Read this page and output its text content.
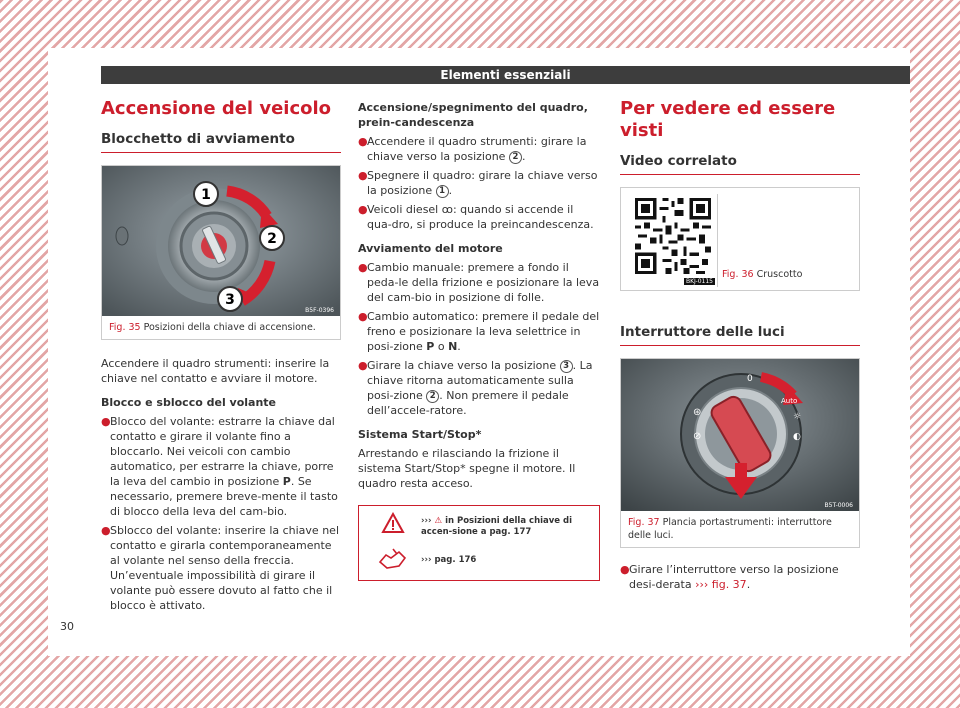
Elementi essenziali
Accensione del veicolo
Blocchetto di avviamento
1
2
3
B5F-0396
Fig. 35 Posizioni della chiave di accensione.

Accendere il quadro strumenti: inserire la chiave nel contatto e avviare il motore.

Blocco e sblocco del volante
● Blocco del volante: estrarre la chiave dal contatto e girare il volante fino a bloccarlo. Nei veicoli con cambio automatico, per estrarre la chiave, porre la leva del cambio in posizione P. Se necessario, premere breve-mente il tasto di blocco della leva del cam-bio.
● Sblocco del volante: inserire la chiave nel contatto e girarla contemporaneamente al volante nel senso della freccia. Un’eventuale impossibilità di girare il volante può essere dovuto al fatto che il blocco è attivato.
Accensione/spegnimento del quadro, prein-candescenza
● Accendere il quadro strumenti: girare la chiave verso la posizione 2 .
● Spegnere il quadro: girare la chiave verso la posizione 1 .
● Veicoli diesel ꝏ: quando si accende il qua-dro, si produce la preincandescenza.
Avviamento del motore
● Cambio manuale: premere a fondo il peda-le della frizione e posizionare la leva del cam-bio in posizione di folle.
● Cambio automatico: premere il pedale del freno e posizionare la leva selettrice in posi-zione P o N.
● Girare la chiave verso la posizione 3 . La chiave ritorna automaticamente sulla posi-zione 2 . Non premere il pedale dell’accele-ratore.
Sistema Start/Stop*

Arrestando e rilasciando la frizione il sistema Start/Stop* spegne il motore. Il quadro resta acceso.

››› ⚠ in Posizioni della chiave di accen-sione a pag. 177
››› pag. 176
Per vedere ed essere visti
Video correlato
BKJ-0115
Fig. 36 Cruscotto
Interruttore delle luci
0
Auto
⊛
⊘
☼
◐
B5T-0006
Fig. 37 Plancia portastrumenti: interruttore delle luci.
● Girare l’interruttore verso la posizione desi-derata ››› fig. 37.
30
